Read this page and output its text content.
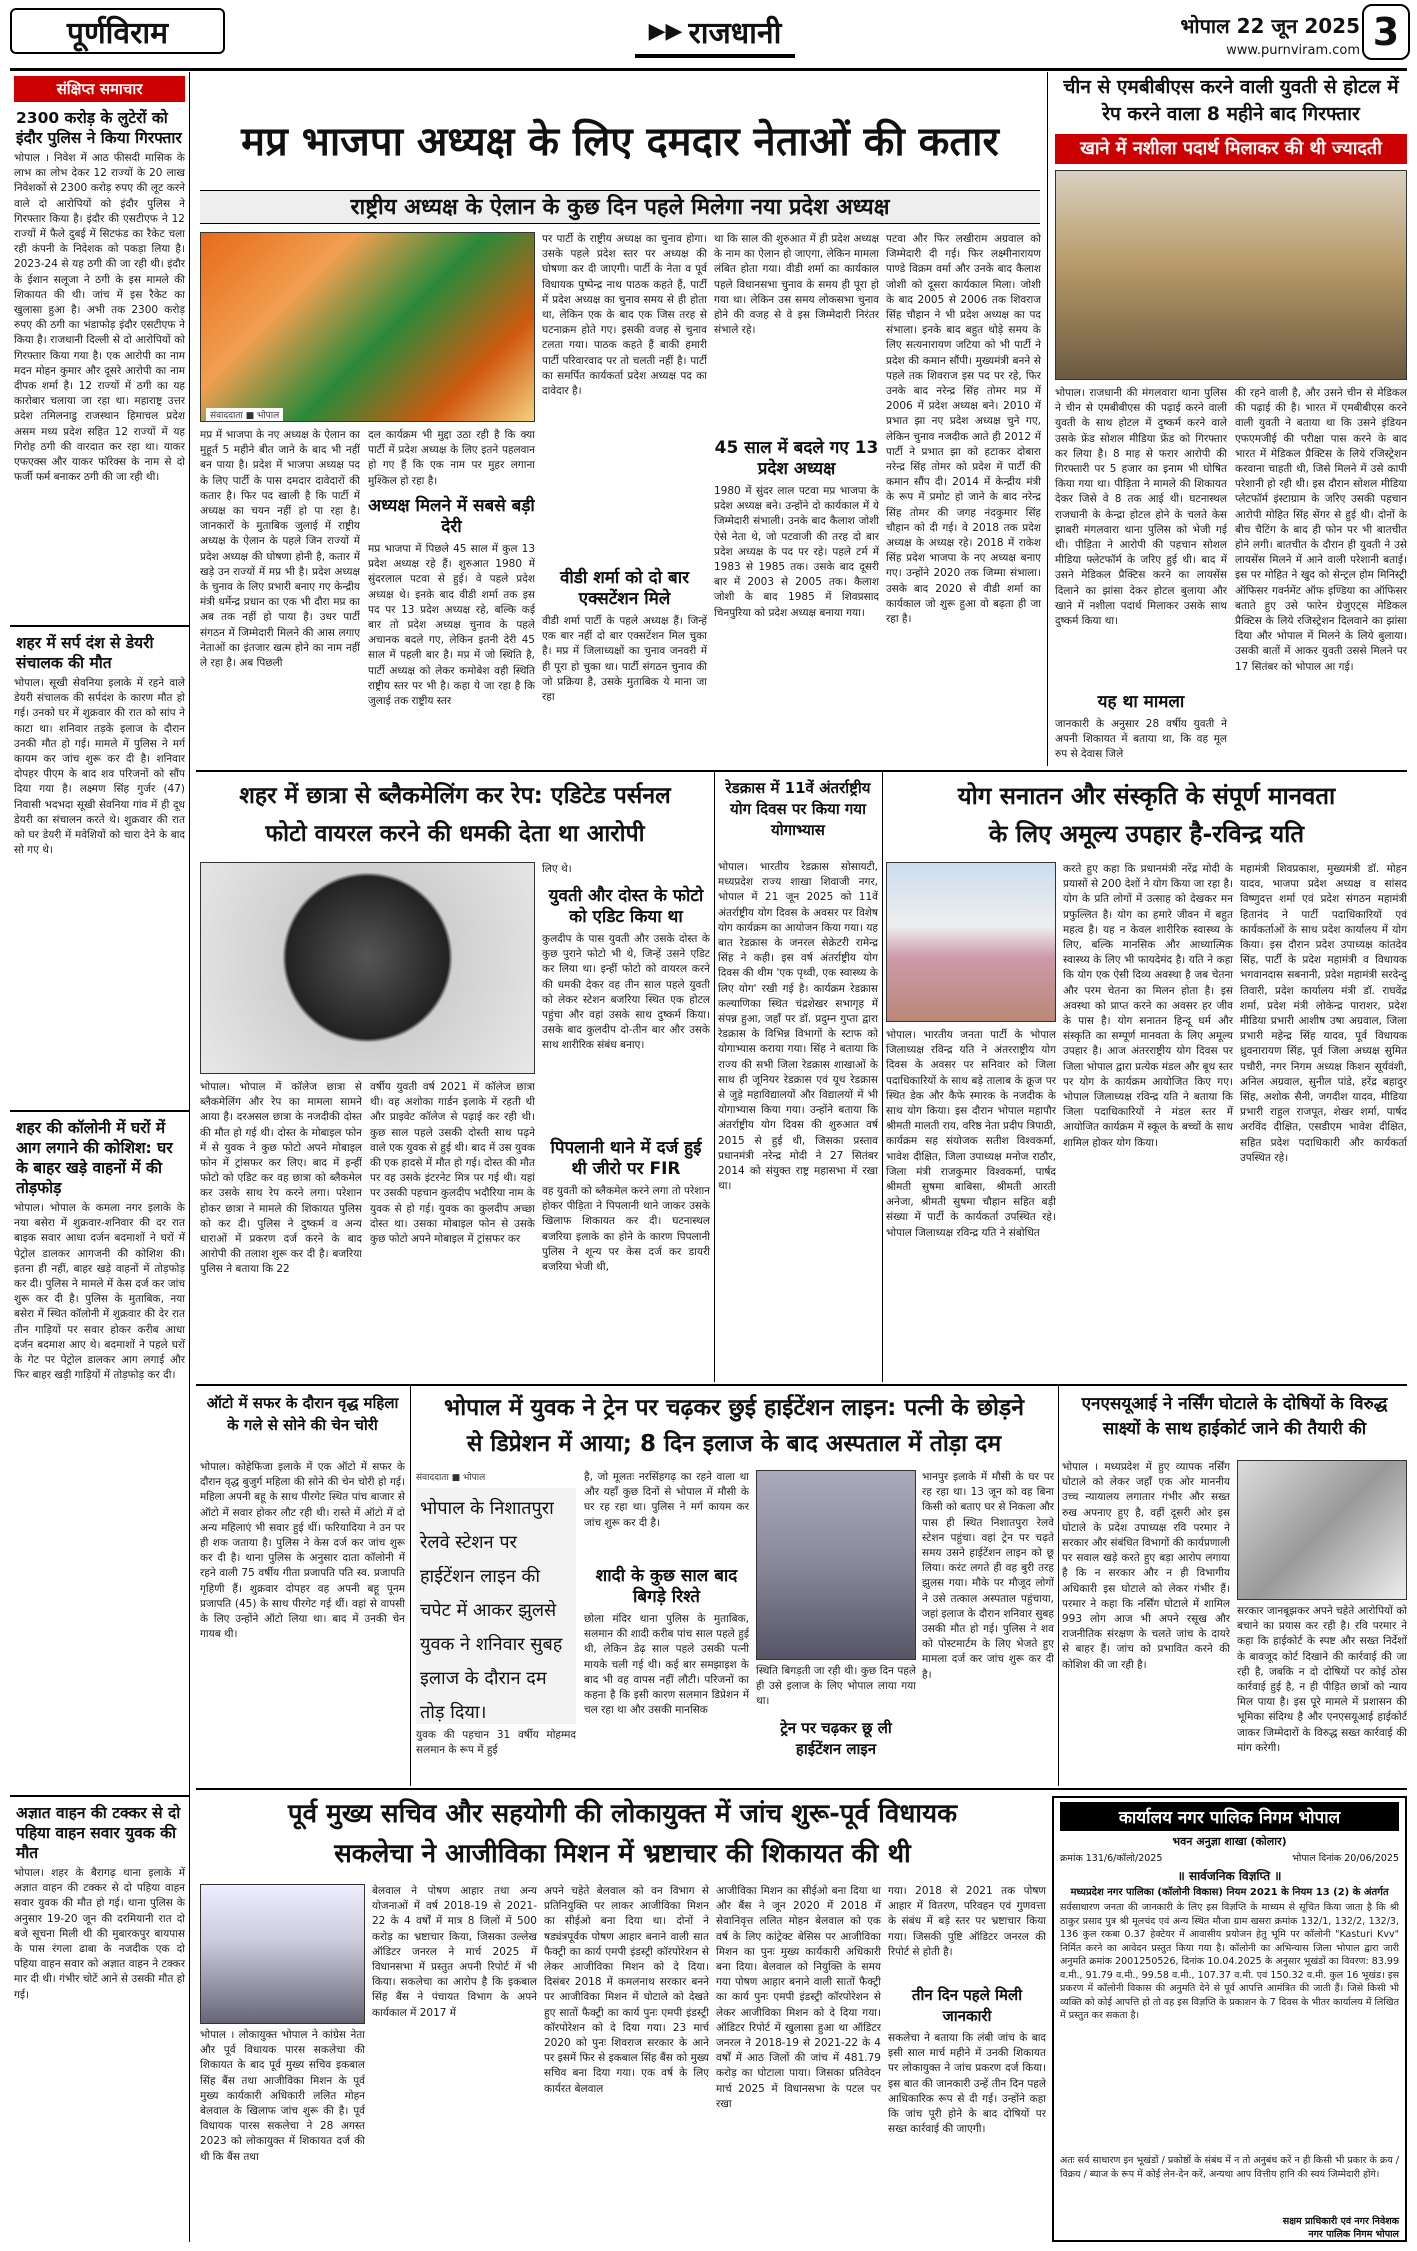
पूर्णविराम	▶▶ राजधानी	भोपाल 22 जून 2025
www.purnviram.com 3
संक्षिप्त समाचार
2300 करोड़ के लुटेरों को इंदौर पुलिस ने किया गिरफ्तार
भोपाल । निवेश में आठ फीसदी मासिक के लाभ का लोभ देकर 12 राज्यों के 20 लाख निवेशकों से 2300 करोड़ रुपए की लूट करने वाले दो आरोपियों को इंदौर पुलिस ने गिरफ्तार किया है। इंदौर की एसटीएफ ने 12 राज्यों में फैले दुबई में सिटफंड का रैकेट चला रही कंपनी के निदेशक को पकड़ा लिया है। 2023-24 से यह ठगी की जा रही थी। इंदौर के ईशान सलूजा ने ठगी के इस मामले की शिकायत की थी। जांच में इस रैकेट का खुलासा हुआ है। अभी तक 2300 करोड़ रुपए की ठगी का भंडाफोड़ इंदौर एसटीएफ ने किया है। राजधानी दिल्ली से दो आरोपियों को गिरफ्तार किया गया है। एक आरोपी का नाम मदन मोहन कुमार और दूसरे आरोपी का नाम दीपक शर्मा है। 12 राज्यों में ठगी का यह कारोबार चलाया जा रहा था। महाराष्ट्र उत्तर प्रदेश तमिलनाडु राजस्थान हिमाचल प्रदेश असम मध्य प्रदेश सहित 12 राज्यों में यह गिरोह ठगी की वारदात कर रहा था। याकर एफएक्स और याकर फॉरेक्स के नाम से दो फर्जी फर्म बनाकर ठगी की जा रही थी।
शहर में सर्प दंश से डेयरी संचालक की मौत
भोपाल। सूखी सेवनिया इलाके में रहने वाले डेयरी संचालक की सर्पदंश के कारण मौत हो गई। उनको घर में शुक्रवार की रात को सांप ने काटा था। शनिवार तड़के इलाज के दौरान उनकी मौत हो गई। मामले में पुलिस ने मर्ग कायम कर जांच शुरू कर दी है। शनिवार दोपहर पीएम के बाद शव परिजनों को सौंप दिया गया है। लक्ष्मण सिंह गुर्जर (47) निवासी भदभदा सूखी सेवनिया गांव में ही दूध डेयरी का संचालन करते थे। शुक्रवार की रात को घर डेयरी में मवेशियों को चारा देने के बाद सो गए थे।
शहर की कॉलोनी में घरों में आग लगाने की कोशिश: घर के बाहर खड़े वाहनों में की तोड़फोड़
भोपाल। भोपाल के कमला नगर इलाके के नया बसेरा में शुक्रवार-शनिवार की दर रात बाइक सवार आधा दर्जन बदमाशों ने घरों में पेट्रोल डालकर आगजनी की कोशिश की। इतना ही नहीं, बाहर खड़े वाहनों में तोड़फोड़ कर दी। पुलिस ने मामले में केस दर्ज कर जांच शुरू कर दी है। पुलिस के मुताबिक, नया बसेरा में स्थित कॉलोनी में शुक्रवार की देर रात तीन गाड़ियों पर सवार होकर करीब आधा दर्जन बदमाश आए थे। बदमाशों ने पहले घरों के गेट पर पेट्रोल डालकर आग लगाई और फिर बाहर खड़ी गाड़ियों में तोड़फोड़ कर दी।
अज्ञात वाहन की टक्कर से दो पहिया वाहन सवार युवक की मौत
भोपाल। शहर के बैरागढ़ थाना इलाके में अज्ञात वाहन की टक्कर से दो पहिया वाहन सवार युवक की मौत हो गई। थाना पुलिस के अनुसार 19-20 जून की दरमियानी रात दो बजे सूचना मिली थी की मुबारकपुर बायपास के पास रंगला ढाबा के नजदीक एक दो पहिया वाहन सवार को अज्ञात वाहन ने टक्कर मार दी थी। गंभीर चोटें आने से उसकी मौत हो गई।
मप्र भाजपा अध्यक्ष के लिए दमदार नेताओं की कतार
राष्ट्रीय अध्यक्ष के ऐलान के कुछ दिन पहले मिलेगा नया प्रदेश अध्यक्ष
संवाददाता ■ भोपाल
मप्र में भाजपा के नए अध्यक्ष के ऐलान का मुहूर्त 5 महीने बीत जाने के बाद भी नहीं बन पाया है। प्रदेश में भाजपा अध्यक्ष पद के लिए पार्टी के पास दमदार दावेदारों की कतार है। फिर पद खाली है कि पार्टी में अध्यक्ष का चयन नहीं हो पा रहा है। जानकारों के मुताबिक जुलाई में राष्ट्रीय अध्यक्ष के ऐलान के पहले जिन राज्यों में प्रदेश अध्यक्ष की घोषणा होनी है, कतार में खड़े उन राज्यों में मप्र भी है। प्रदेश अध्यक्ष के चुनाव के लिए प्रभारी बनाए गए केन्द्रीय मंत्री धर्मेन्द्र प्रधान का एक भी दौरा मप्र का अब तक नहीं हो पाया है। उधर पार्टी संगठन में जिम्मेदारी मिलने की आस लगाए नेताओं का इंतजार खत्म होने का नाम नहीं ले रहा है। अब पिछली
दल कार्यक्रम भी मुद्दा उठा रही है कि क्या पार्टी में प्रदेश अध्यक्ष के लिए इतने पहलवान हो गए हैं कि एक नाम पर मुहर लगाना मुश्किल हो रहा है।
अध्यक्ष मिलने में सबसे बड़ी देरी
मप्र भाजपा में पिछले 45 साल में कुल 13 प्रदेश अध्यक्ष रहे हैं। शुरुआत 1980 में सुंदरलाल पटवा से हुई। वे पहले प्रदेश अध्यक्ष थे। इनके बाद वीडी शर्मा तक इस पद पर 13 प्रदेश अध्यक्ष रहे, बल्कि कई बार तो प्रदेश अध्यक्ष चुनाव के पहले अचानक बदले गए, लेकिन इतनी देरी 45 साल में पहली बार है। मप्र में जो स्थिति है, पार्टी अध्यक्ष को लेकर कमोबेश वही स्थिति राष्ट्रीय स्तर पर भी है। कहा ये जा रहा है कि जुलाई तक राष्ट्रीय स्तर
पर पार्टी के राष्ट्रीय अध्यक्ष का चुनाव होगा। उसके पहले प्रदेश स्तर पर अध्यक्ष की घोषणा कर दी जाएगी। पार्टी के नेता व पूर्व विधायक पुष्पेन्द्र नाथ पाठक कहते हैं, पार्टी में प्रदेश अध्यक्ष का चुनाव समय से ही होता था, लेकिन एक के बाद एक जिस तरह से घटनाक्रम होते गए। इसकी वजह से चुनाव टलता गया। पाठक कहते हैं बाकी हमारी पार्टी परिवारवाद पर तो चलती नहीं है। पार्टी का समर्पित कार्यकर्ता प्रदेश अध्यक्ष पद का दावेदार है।
वीडी शर्मा को दो बार एक्सटेंशन मिले
वीडी शर्मा पार्टी के पहले अध्यक्ष हैं। जिन्हें एक बार नहीं दो बार एक्सटेंशन मिल चुका है। मप्र में जिलाध्यक्षों का चुनाव जनवरी में ही पूरा हो चुका था। पार्टी संगठन चुनाव की जो प्रक्रिया है, उसके मुताबिक ये माना जा रहा
था कि साल की शुरुआत में ही प्रदेश अध्यक्ष के नाम का ऐलान हो जाएगा, लेकिन मामला लंबित होता गया। वीडी शर्मा का कार्यकाल पहले विधानसभा चुनाव के समय ही पूरा हो गया था। लेकिन उस समय लोकसभा चुनाव होने की वजह से वे इस जिम्मेदारी निरंतर संभाले रहे।
45 साल में बदले गए 13 प्रदेश अध्यक्ष
1980 में सुंदर लाल पटवा मप्र भाजपा के प्रदेश अध्यक्ष बने। उन्होंने दो कार्यकाल में ये जिम्मेदारी संभाली। उनके बाद कैलाश जोशी ऐसे नेता थे, जो पटवाजी की तरह दो बार प्रदेश अध्यक्ष के पद पर रहे। पहले टर्म में 1983 से 1985 तक। उसके बाद दूसरी बार में 2003 से 2005 तक। कैलाश जोशी के बाद 1985 में शिवप्रसाद चिनपुरिया को प्रदेश अध्यक्ष बनाया गया।
पटवा और फिर लखीराम अग्रवाल को जिम्मेदारी दी गई। फिर लक्ष्मीनारायण पाण्डे विक्रम वर्मा और उनके बाद कैलाश जोशी को दूसरा कार्यकाल मिला। जोशी के बाद 2005 से 2006 तक शिवराज सिंह चौहान ने भी प्रदेश अध्यक्ष का पद संभाला। इनके बाद बहुत थोड़े समय के लिए सत्यनारायण जटिया को भी पार्टी ने प्रदेश की कमान सौंपी। मुख्यमंत्री बनने से पहले तक शिवराज इस पद पर रहे, फिर उनके बाद नरेन्द्र सिंह तोमर मप्र में 2006 में प्रदेश अध्यक्ष बने। 2010 में प्रभात झा नए प्रदेश अध्यक्ष चुने गए, लेकिन चुनाव नजदीक आते ही 2012 में पार्टी ने प्रभात झा को हटाकर दोबारा नरेन्द्र सिंह तोमर को प्रदेश में पार्टी की कमान सौंप दी। 2014 में केन्द्रीय मंत्री के रूप में प्रमोट हो जाने के बाद नरेन्द्र सिंह तोमर की जगह नंदकुमार सिंह चौहान को दी गई। वे 2018 तक प्रदेश अध्यक्ष के अध्यक्ष रहे। 2018 में राकेश सिंह प्रदेश भाजपा के नए अध्यक्ष बनाए गए। उन्होंने 2020 तक जिम्मा संभाला। उसके बाद 2020 से वीडी शर्मा का कार्यकाल जो शुरू हुआ वो बढ़ता ही जा रहा है।
चीन से एमबीबीएस करने वाली युवती से होटल में रेप करने वाला 8 महीने बाद गिरफ्तार
खाने में नशीला पदार्थ मिलाकर की थी ज्यादती
भोपाल। राजधानी की मंगलवारा थाना पुलिस ने चीन से एमबीबीएस की पढ़ाई करने वाली युवती के साथ होटल में दुष्कर्म करने वाले उसके फ्रेंड सोशल मीडिया फ्रेंड को गिरफ्तार कर लिया है। 8 माह से फरार आरोपी की गिरफ्तारी पर 5 हजार का इनाम भी घोषित किया गया था। पीड़िता ने मामले की शिकायत देकर जिसे वे 8 तक आई थी। घटनास्थल राजधानी के केन्द्रा होटल होने के चलते केस झाबरी मंगलवारा थाना पुलिस को भेजी गई थी। पीड़िता ने आरोपी की पहचान सोशल मीडिया फ्लेटफॉर्म के जरिए हुई थी। बाद में उसने मेडिकल प्रैक्टिस करने का लायसेंस दिलाने का झांसा देकर होटल बुलाया और खाने में नशीला पदार्थ मिलाकर उसके साथ दुष्कर्म किया था।
यह था मामला
जानकारी के अनुसार 28 वर्षीय युवती ने अपनी शिकायत में बताया था, कि वह मूल रुप से देवास जिले
की रहने वाली है, और उसने चीन से मेडिकल की पढ़ाई की है। भारत में एमबीबीएस करने वाली युवती ने बताया था कि उसने इंडियन एफएमजीई की परीक्षा पास करने के बाद भारत में मेडिकल प्रैक्टिस के लिये रजिस्ट्रेशन करवाना चाहती थी, जिसे मिलने में उसे कापी परेशानी हो रही थी। इस दौरान सोशल मीडिया प्लेटफॉर्म इंस्टाग्राम के जरिए उसकी पहचान आरोपी मोहित सिंह सेंगर से हुई थी। दोनों के बीच चैटिंग के बाद ही फोन पर भी बातचीत होने लगी। बातचीत के दौरान ही युवती ने उसे लायसेंस मिलने में आने वाली परेशानी बताई। इस पर मोहित ने खुद को सेन्ट्रल होम मिनिस्ट्री ऑफिसर गवर्नमेंट ऑफ इण्डिया का ऑफिसर बताते हुए उसे फारेन ग्रेजुएट्स मेडिकल प्रैक्टिस के लिये रजिस्ट्रेशन दिलवाने का झांसा दिया और भोपाल में मिलने के लिये बुलाया। उसकी बातों में आकर युवती उससे मिलने पर 17 सितंबर को भोपाल आ गई।
शहर में छात्रा से ब्लैकमेलिंग कर रेप: एडिटेड पर्सनल
फोटो वायरल करने की धमकी देता था आरोपी
भोपाल। भोपाल में कॉलेज छात्रा से ब्लैकमेलिंग और रेप का मामला सामने आया है। दरअसल छात्रा के नजदीकी दोस्त की मौत हो गई थी। दोस्त के मोबाइल फोन में से युवक ने कुछ फोटो अपने मोबाइल फोन में ट्रांसफर कर लिए। बाद में इन्हीं फोटो को एडिट कर वह छात्रा को ब्लैकमेल कर उसके साथ रेप करने लगा। परेशान होकर छात्रा ने मामले की शिकायत पुलिस को कर दी। पुलिस ने दुष्कर्म व अन्य धाराओं में प्रकरण दर्ज करने के बाद आरोपी की तलाश शुरू कर दी है। बजरिया पुलिस ने बताया कि 22
वर्षीय युवती वर्ष 2021 में कॉलेज छात्रा थी। वह अशोका गार्डन इलाके में रहती थी और प्राइवेट कॉलेज से पढ़ाई कर रही थी। कुछ साल पहले उसकी दोस्ती साथ पढ़ने वाले एक युवक से हुई थी। बाद में उस युवक की एक हादसे में मौत हो गई। दोस्त की मौत पर वह उसके इंटरनेट मित्र पर गई थी। यहां पर उसकी पहचान कुलदीप भदौरिया नाम के युवक से हो गई। युवक का कुलदीप अच्छा दोस्त था। उसका मोबाइल फोन से उसके कुछ फोटो अपने मोबाइल में ट्रांसफर कर
लिए थे।
युवती और दोस्त के फोटो को एडिट किया था
कुलदीप के पास युवती और उसके दोस्त के कुछ पुराने फोटो भी थे, जिन्हें उसने एडिट कर लिया था। इन्हीं फोटो को वायरल करने की धमकी देकर वह तीन साल पहले युवती को लेकर स्टेशन बजरिया स्थित एक होटल पहुंचा और वहां उसके साथ दुष्कर्म किया। उसके बाद कुलदीप दो-तीन बार और उसके साथ शारीरिक संबंध बनाए।
पिपलानी थाने में दर्ज हुई थी जीरो पर FIR
वह युवती को ब्लैकमेल करने लगा तो परेशान होकर पीड़िता ने पिपलानी थाने जाकर उसके खिलाफ शिकायत कर दी। घटनास्थल बजरिया इलाके का होने के कारण पिपलानी पुलिस ने शून्य पर केस दर्ज कर डायरी बजरिया भेजी थी,
रेडक्रास में 11वें अंतर्राष्ट्रीय योग दिवस पर किया गया योगाभ्यास
भोपाल। भारतीय रेडक्रास सोसायटी, मध्यप्रदेश राज्य शाखा शिवाजी नगर, भोपाल में 21 जून 2025 को 11वें अंतर्राष्ट्रीय योग दिवस के अवसर पर विशेष योग कार्यक्रम का आयोजन किया गया। यह बात रेडक्रास के जनरल सेक्रेटरी रामेन्द्र सिंह ने कही। इस वर्ष अंतर्राष्ट्रीय योग दिवस की थीम 'एक पृथ्वी, एक स्वास्थ्य के लिए योग' रखी गई है। कार्यक्रम रेडक्रास कल्याणिका स्थित चंद्रशेखर सभागृह में संपन्न हुआ, जहाँ पर डॉ. प्रदुम्न गुप्ता द्वारा रेडक्रास के विभिन्न विभागों के स्टाफ को योगाभ्यास कराया गया। सिंह ने बताया कि राज्य की सभी जिला रेडक्रास शाखाओं के साथ ही जूनियर रेडक्रास एवं यूथ रेडक्रास से जुड़े महाविद्यालयों और विद्यालयों में भी योगाभ्यास किया गया। उन्होंने बताया कि अंतर्राष्ट्रीय योग दिवस की शुरुआत वर्ष 2015 से हुई थी, जिसका प्रस्ताव प्रधानमंत्री नरेन्द्र मोदी ने 27 सितंबर 2014 को संयुक्त राष्ट्र महासभा में रखा था।
योग सनातन और संस्कृति के संपूर्ण मानवता
के लिए अमूल्य उपहार है-रविन्द्र यति
भोपाल। भारतीय जनता पार्टी के भोपाल जिलाध्यक्ष रविन्द्र यति ने अंतरराष्ट्रीय योग दिवस के अवसर पर सनिवार को जिला पदाधिकारियों के साथ बड़े तालाब के क्रूज पर स्थित डेक और कैफे स्मारक के नजदीक के साथ योग किया। इस दौरान भोपाल महापौर श्रीमती मालती राय, वरिष्ठ नेता प्रदीप त्रिपाठी, कार्यक्रम सह संयोजक सतीश विश्वकर्मा, भावेश दीक्षित, जिला उपाध्यक्ष मनोज राठौर, जिला मंत्री राजकुमार विश्वकर्मा, पार्षद श्रीमती सुषमा बाबिसा, श्रीमती आरती अनेजा, श्रीमती सुषमा चौहान सहित बड़ी संख्या में पार्टी के कार्यकर्ता उपस्थित रहे। भोपाल जिलाध्यक्ष रविन्द्र यति ने संबोधित
करते हुए कहा कि प्रधानमंत्री नरेंद्र मोदी के प्रयासों से 200 देशों ने योग किया जा रहा है। योग के प्रति लोगों में उत्साह को देखकर मन प्रफुल्लित है। योग का हमारे जीवन में बहुत महत्व है। यह न केवल शारीरिक स्वास्थ्य के लिए, बल्कि मानसिक और आध्यात्मिक स्वास्थ्य के लिए भी फायदेमंद है। यति ने कहा कि योग एक ऐसी दिव्य अवस्था है जब चेतना और परम चेतना का मिलन होता है। इस अवस्था को प्राप्त करने का अवसर हर जीव के पास है। योग सनातन हिन्दू धर्म और संस्कृति का सम्पूर्ण मानवता के लिए अमूल्य उपहार है। आज अंतरराष्ट्रीय योग दिवस पर जिला भोपाल द्वारा प्रत्येक मंडल और बूथ स्तर पर योग के कार्यक्रम आयोजित किए गए। भोपाल जिलाध्यक्ष रविन्द्र यति ने बताया कि जिला पदाधिकारियों ने मंडल स्तर में आयोजित कार्यक्रम में स्कूल के बच्चों के साथ शामिल होकर योग किया।
महामंत्री शिवप्रकाश, मुख्यमंत्री डॉ. मोहन यादव, भाजपा प्रदेश अध्यक्ष व सांसद विष्णुदत्त शर्मा एवं प्रदेश संगठन महामंत्री हितानंद ने पार्टी पदाधिकारियों एवं कार्यकर्ताओं के साथ प्रदेश कार्यालय में योग किया। इस दौरान प्रदेश उपाध्यक्ष कांतदेव सिंह, पार्टी के प्रदेश महामंत्री व विधायक भगवानदास सबनानी, प्रदेश महामंत्री सरदेन्दु तिवारी, प्रदेश कार्यालय मंत्री डॉ. राघवेंद्र शर्मा, प्रदेश मंत्री लोकेन्द्र पाराशर, प्रदेश मीडिया प्रभारी आशीष उषा अग्रवाल, जिला प्रभारी महेन्द्र सिंह यादव, पूर्व विधायक ध्रुवनारायण सिंह, पूर्व जिला अध्यक्ष सुमित पचौरी, नगर निगम अध्यक्ष किशन सूर्यवंशी, अनिल अग्रवाल, सुनील पांडे, हरेंद्र बहादुर सिंह, अशोक सैनी, जगदीश यादव, मीडिया प्रभारी राहुल राजपूत, शेखर शर्मा, पार्षद अरविंद दीक्षित, एसडीएम भावेश दीक्षित, सहित प्रदेश पदाधिकारी और कार्यकर्ता उपस्थित रहे।
ऑटो में सफर के दौरान वृद्ध महिला के गले से सोने की चेन चोरी
भोपाल। कोहेफिजा इलाके में एक ऑटो में सफर के दौरान वृद्ध बुजुर्ग महिला की सोने की चेन चोरी हो गई। महिला अपनी बहू के साथ पीरगेट स्थित पांच बाजार से ऑटो में सवार होकर लौट रही थी। रास्ते में ऑटो में दो अन्य महिलाएं भी सवार हुई थीं। फरियादिया ने उन पर ही शक जताया है। पुलिस ने केस दर्ज कर जांच शुरू कर दी है। थाना पुलिस के अनुसार दाता कॉलोनी में रहने वाली 75 वर्षीय गीता प्रजापति पति स्व. प्रजापति गृहिणी हैं। शुक्रवार दोपहर वह अपनी बहू पूनम प्रजापति (45) के साथ पीरगेट गई थीं। वहां से वापसी के लिए उन्होंने ऑटो लिया था। बाद में उनकी चेन गायब थी।
भोपाल में युवक ने ट्रेन पर चढ़कर छुई हाईटेंशन लाइन: पत्नी के छोड़ने
से डिप्रेशन में आया; 8 दिन इलाज के बाद अस्पताल में तोड़ा दम
संवाददाता ■ भोपाल
भोपाल के निशातपुरा रेलवे स्टेशन पर हाईटेंशन लाइन की चपेट में आकर झुलसे युवक ने शनिवार सुबह इलाज के दौरान दम तोड़ दिया।
युवक की पहचान 31 वर्षीय मोहम्मद सलमान के रूप में हुई
है, जो मूलतः नरसिंहगढ़ का रहने वाला था और यहाँ कुछ दिनों से भोपाल में मौसी के घर रह रहा था। पुलिस ने मर्ग कायम कर जांच शुरू कर दी है।
शादी के कुछ साल बाद बिगड़े रिश्ते
छोला मंदिर थाना पुलिस के मुताबिक, सलमान की शादी करीब पांच साल पहले हुई थी, लेकिन डेढ़ साल पहले उसकी पत्नी मायके चली गई थी। कई बार समझाइश के बाद भी वह वापस नहीं लौटी। परिजनों का कहना है कि इसी कारण सलमान डिप्रेशन में चल रहा था और उसकी मानसिक
स्थिति बिगड़ती जा रही थी। कुछ दिन पहले ही उसे इलाज के लिए भोपाल लाया गया था।
ट्रेन पर चढ़कर छू ली हाईटेंशन लाइन
भानपुर इलाके में मौसी के घर पर रह रहा था। 13 जून को वह बिना किसी को बताए घर से निकला और पास ही स्थित निशातपुरा रेलवे स्टेशन पहुंचा। वहां ट्रेन पर चढ़ते समय उसने हाईटेंशन लाइन को छू लिया। करंट लगते ही वह बुरी तरह झुलस गया। मौके पर मौजूद लोगों ने उसे तत्काल अस्पताल पहुंचाया, जहां इलाज के दौरान शनिवार सुबह उसकी मौत हो गई। पुलिस ने शव को पोस्टमार्टम के लिए भेजते हुए मामला दर्ज कर जांच शुरू कर दी है।
एनएसयूआई ने नर्सिंग घोटाले के दोषियों के विरुद्ध साक्ष्यों के साथ हाईकोर्ट जाने की तैयारी की
भोपाल । मध्यप्रदेश में हुए व्यापक नर्सिंग घोटाले को लेकर जहाँ एक ओर माननीय उच्च न्यायालय लगातार गंभीर और सख्त रुख अपनाए हुए है, वहीं दूसरी ओर इस घोटाले के प्रदेश उपाध्यक्ष रवि परमार ने सरकार और संबंधित विभागों की कार्यप्रणाली पर सवाल खड़े करते हुए बड़ा आरोप लगाया है कि न सरकार और न ही विभागीय अधिकारी इस घोटाले को लेकर गंभीर हैं। परमार ने कहा कि नर्सिंग घोटाले में शामिल 993 लोग आज भी अपने रसूख और राजनीतिक संरक्षण के चलते जांच के दायरे से बाहर हैं। जांच को प्रभावित करने की कोशिश की जा रही है।
सरकार जानबूझकर अपने चहेते आरोपियों को बचाने का प्रयास कर रही है। रवि परमार ने कहा कि हाईकोर्ट के स्पष्ट और सख्त निर्देशों के बावजूद कोर्ट दिखाने की कार्रवाई की जा रही है, जबकि न दो दोषियों पर कोई ठोस कार्रवाई हुई है, न ही पीड़ित छात्रों को न्याय मिल पाया है। इस पूरे मामले में प्रशासन की भूमिका संदिग्ध है और एनएसयूआई हाईकोर्ट जाकर जिम्मेदारों के विरुद्ध सख्त कार्रवाई की मांग करेगी।
पूर्व मुख्य सचिव और सहयोगी की लोकायुक्त में जांच शुरू-पूर्व विधायक
सकलेचा ने आजीविका मिशन में भ्रष्टाचार की शिकायत की थी
भोपाल । लोकायुक्त भोपाल ने कांग्रेस नेता और पूर्व विधायक पारस सकलेचा की शिकायत के बाद पूर्व मुख्य सचिव इकबाल सिंह बैंस तथा आजीविका मिशन के पूर्व मुख्य कार्यकारी अधिकारी ललित मोहन बेलवाल के खिलाफ जांच शुरू की है। पूर्व विधायक पारस सकलेचा ने 28 अगस्त 2023 को लोकायुक्त में शिकायत दर्ज की थी कि बैंस तथा
बेलवाल ने पोषण आहार तथा अन्य योजनाओं में वर्ष 2018-19 से 2021-22 के 4 वर्षों में मात्र 8 जिलों में 500 करोड़ का भ्रष्टाचार किया, जिसका उल्लेख ऑडिटर जनरल ने मार्च 2025 में विधानसभा में प्रस्तुत अपनी रिपोर्ट में भी किया। सकलेचा का आरोप है कि इकबाल सिंह बैंस ने पंचायत विभाग के अपने कार्यकाल में 2017 में
अपने चहेते बेलवाल को वन विभाग से प्रतिनियुक्ति पर लाकर आजीविका मिशन का सीईओ बना दिया था। दोनों ने षड्यंत्रपूर्वक पोषण आहार बनाने वाली सात फैक्ट्री का कार्य एमपी इंडस्ट्री कॉरपोरेशन से लेकर आजीविका मिशन को दे दिया। दिसंबर 2018 में कमलनाथ सरकार बनने पर आजीविका मिशन में घोटाले को देखते हुए सातों फैक्ट्री का कार्य पुनः एमपी इंडस्ट्री कॉरपोरेशन को दे दिया गया। 23 मार्च 2020 को पुनः शिवराज सरकार के आने पर इसमें फिर से इकबाल सिंह बैंस को मुख्य सचिव बना दिया गया। एक वर्ष के लिए कार्यरत बेलवाल
आजीविका मिशन का सीईओ बना दिया था और बैंस ने जून 2020 में 2018 में सेवानिवृत्त ललित मोहन बेलवाल को एक वर्ष के लिए कांट्रेक्ट बेसिस पर आजीविका मिशन का पुनः मुख्य कार्यकारी अधिकारी बना दिया। बेलवाल को नियुक्ति के समय गया पोषण आहार बनाने वाली सातों फैक्ट्री का कार्य पुनः एमपी इंडस्ट्री कॉरपोरेशन से लेकर आजीविका मिशन को दे दिया गया। ऑडिटर रिपोर्ट में खुलासा हुआ था ऑडिटर जनरल ने 2018-19 से 2021-22 के 4 वर्षों में आठ जिलों की जांच में 481.79 करोड़ का घोटाला पाया। जिसका प्रतिवेदन मार्च 2025 में विधानसभा के पटल पर रखा
गया। 2018 से 2021 तक पोषण आहार में वितरण, परिवहन एवं गुणवत्ता के संबंध में बड़े स्तर पर भ्रष्टाचार किया गया। जिसकी पुष्टि ऑडिटर जनरल की रिपोर्ट से होती है।
तीन दिन पहले मिली जानकारी
सकलेचा ने बताया कि लंबी जांच के बाद इसी साल मार्च महीने में उनकी शिकायत पर लोकायुक्त ने जांच प्रकरण दर्ज किया। इस बात की जानकारी उन्हें तीन दिन पहले आधिकारिक रूप से दी गई। उन्होंने कहा कि जांच पूरी होने के बाद दोषियों पर सख्त कार्रवाई की जाएगी।
कार्यालय नगर पालिक निगम भोपाल
भवन अनुज्ञा शाखा (कोलार)
क्रमांक 131/6/कॉलो/2025	भोपाल दिनांक 20/06/2025
॥ सार्वजनिक विज्ञप्ति ॥
मध्यप्रदेश नगर पालिका (कॉलोनी विकास) नियम 2021 के नियम 13 (2) के अंतर्गत
सर्वसाधारण जनता की जानकारी के लिए इस विज्ञप्ति के माध्यम से सूचित किया जाता है कि श्री ठाकुर प्रसाद पुत्र श्री मूलचंद एवं अन्य स्थित मौजा ग्राम खसरा क्रमांक 132/1, 132/2, 132/3, 136 कुल रकबा 0.37 हेक्टेयर में आवासीय प्रयोजन हेतु भूमि पर कॉलोनी "Kasturi Kvv" निर्मित करने का आवेदन प्रस्तुत किया गया है। कॉलोनी का अभिन्यास जिला भोपाल द्वारा जारी अनुमति क्रमांक 2001250526, दिनांक 10.04.2025 के अनुसार भूखंडों का विवरण: 83.99 व.मी., 91.79 व.मी., 99.58 व.मी., 107.37 व.मी. एवं 150.32 व.मी. कुल 16 भूखंड। इस प्रकरण में कॉलोनी विकास की अनुमति देने से पूर्व आपत्ति आमंत्रित की जाती हैं। जिसे किसी भी व्यक्ति को कोई आपत्ति हो तो वह इस विज्ञप्ति के प्रकाशन के 7 दिवस के भीतर कार्यालय में लिखित में प्रस्तुत कर सकता है।
अतः सर्व साधारण इन भूखंडों / प्रकोष्ठों के संबंध में न तो अनुबंध करें न ही किसी भी प्रकार के क्रय / विक्रय / ब्याज के रूप में कोई लेन-देन करें, अन्यथा आप वित्तीय हानि की स्वयं जिम्मेदारी होंगे।
सक्षम प्राधिकारी एवं नगर निवेशक
नगर पालिक निगम भोपाल
